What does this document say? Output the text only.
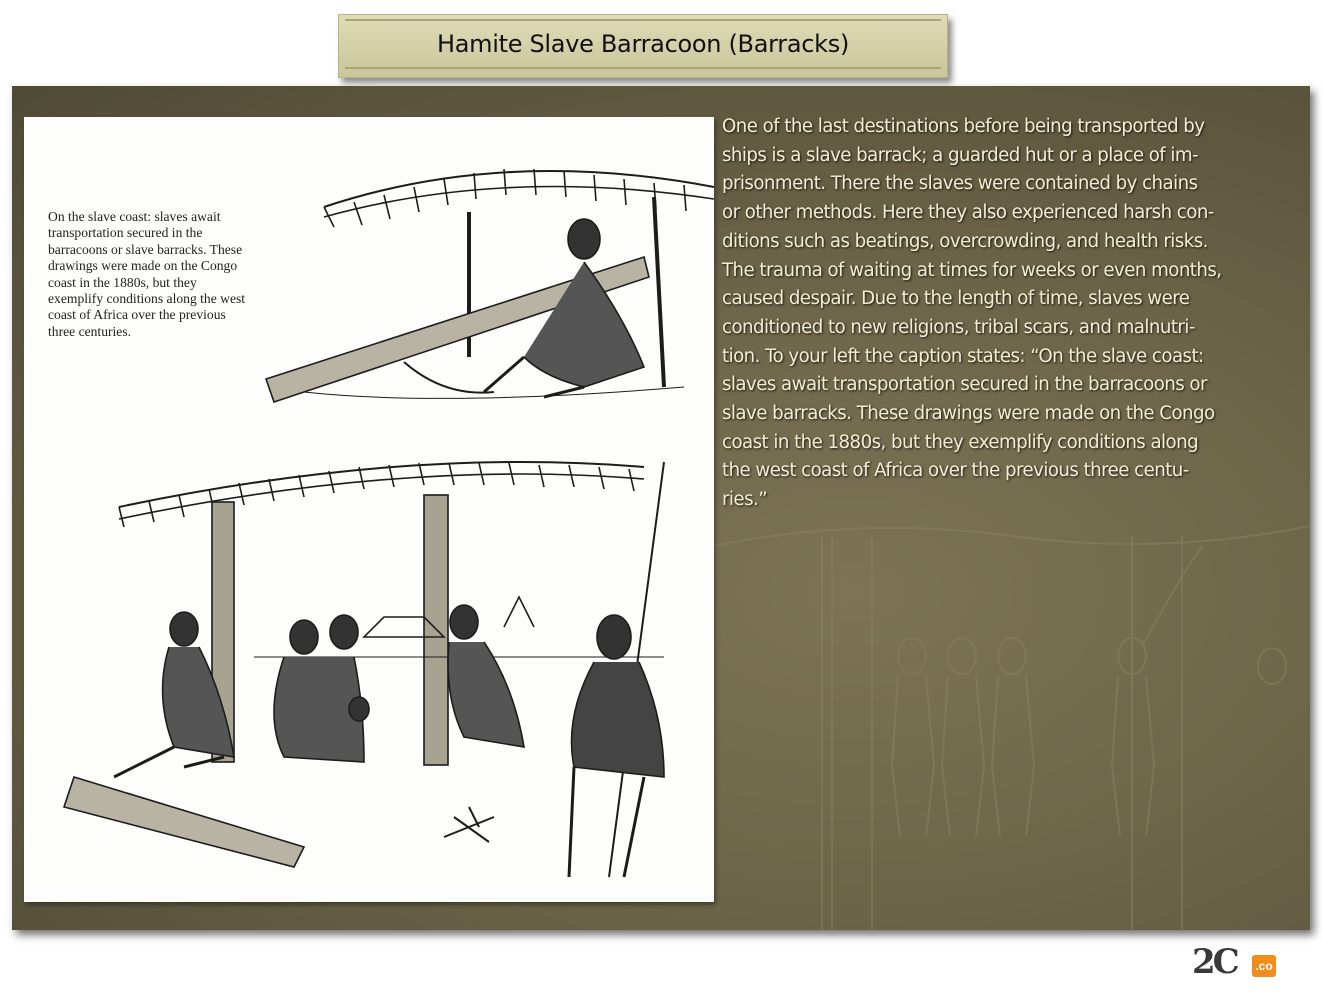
Hamite Slave Barracoon (Barracks)
On the slave coast: slaves await transportation secured in the barracoons or slave barracks. These drawings were made on the Congo coast in the 1880s, but they exemplify conditions along the west coast of Africa over the previous three centuries.
One of the last destinations before being transported by
ships is a slave barrack; a guarded hut or a place of im-
prisonment. There the slaves were contained by chains
or other methods. Here they also experienced harsh con-
ditions such as beatings, overcrowding, and health risks.
The trauma of waiting at times for weeks or even months,
caused despair. Due to the length of time, slaves were
conditioned to new religions, tribal scars, and malnutri-
tion. To your left the caption states: “On the slave coast:
slaves await transportation secured in the barracoons or
slave barracks. These drawings were made on the Congo
coast in the 1880s, but they exemplify conditions along
the west coast of Africa over the previous three centu-
ries.”
2C .co
